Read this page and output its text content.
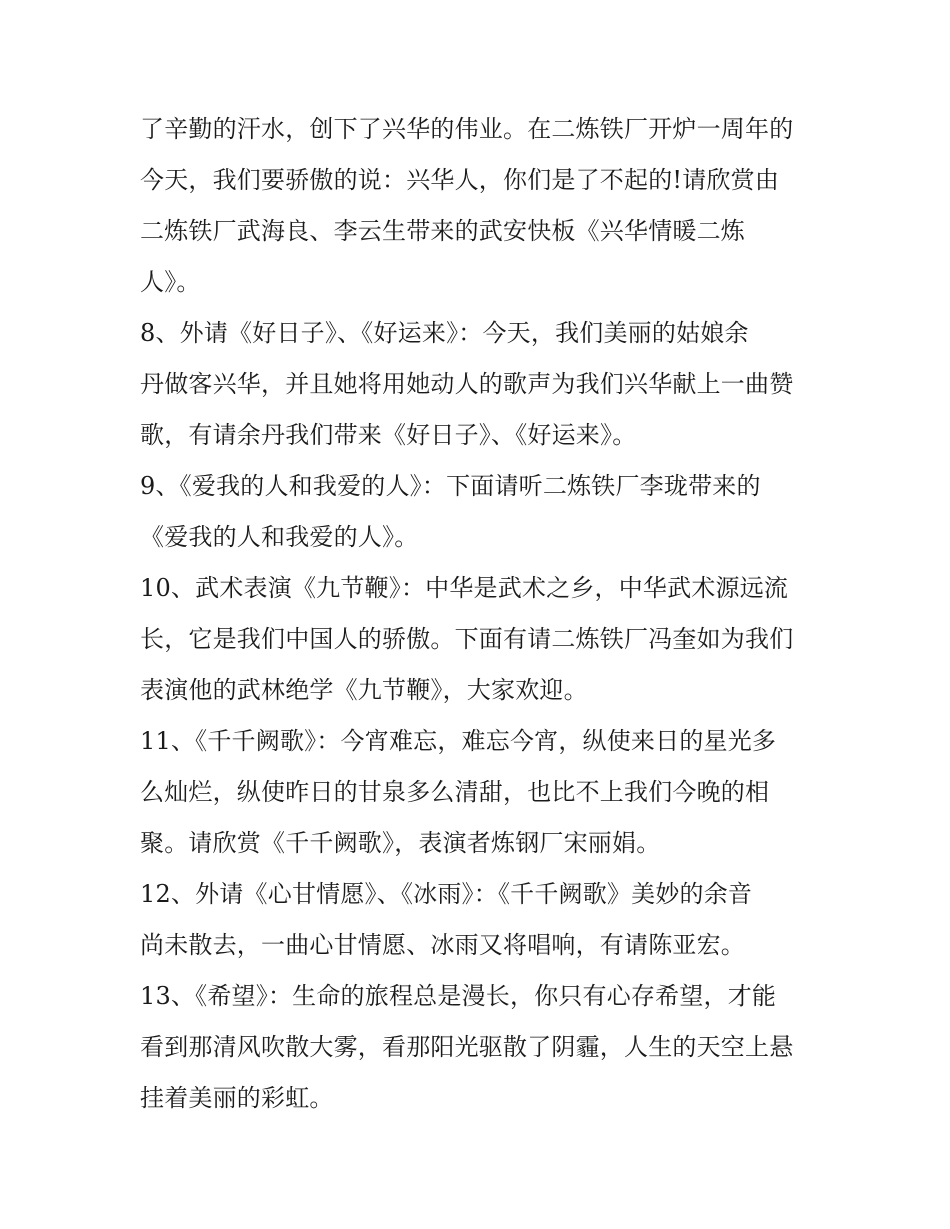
了辛勤的汗水，创下了兴华的伟业。在二炼铁厂开炉一周年的
今天，我们要骄傲的说：兴华人，你们是了不起的!请欣赏由
二炼铁厂武海良、李云生带来的武安快板《兴华情暖二炼
人》。
8、外请《好日子》、《好运来》：今天，我们美丽的姑娘余
丹做客兴华，并且她将用她动人的歌声为我们兴华献上一曲赞
歌，有请余丹我们带来《好日子》、《好运来》。
9、《爱我的人和我爱的人》：下面请听二炼铁厂李珑带来的
《爱我的人和我爱的人》。
10、武术表演《九节鞭》：中华是武术之乡，中华武术源远流
长，它是我们中国人的骄傲。下面有请二炼铁厂冯奎如为我们
表演他的武林绝学《九节鞭》，大家欢迎。
11、《千千阙歌》：今宵难忘，难忘今宵，纵使来日的星光多
么灿烂，纵使昨日的甘泉多么清甜，也比不上我们今晚的相
聚。请欣赏《千千阙歌》，表演者炼钢厂宋丽娟。
12、外请《心甘情愿》、《冰雨》：《千千阙歌》美妙的余音
尚未散去，一曲心甘情愿、冰雨又将唱响，有请陈亚宏。
13、《希望》：生命的旅程总是漫长，你只有心存希望，才能
看到那清风吹散大雾，看那阳光驱散了阴霾，人生的天空上悬
挂着美丽的彩虹。
